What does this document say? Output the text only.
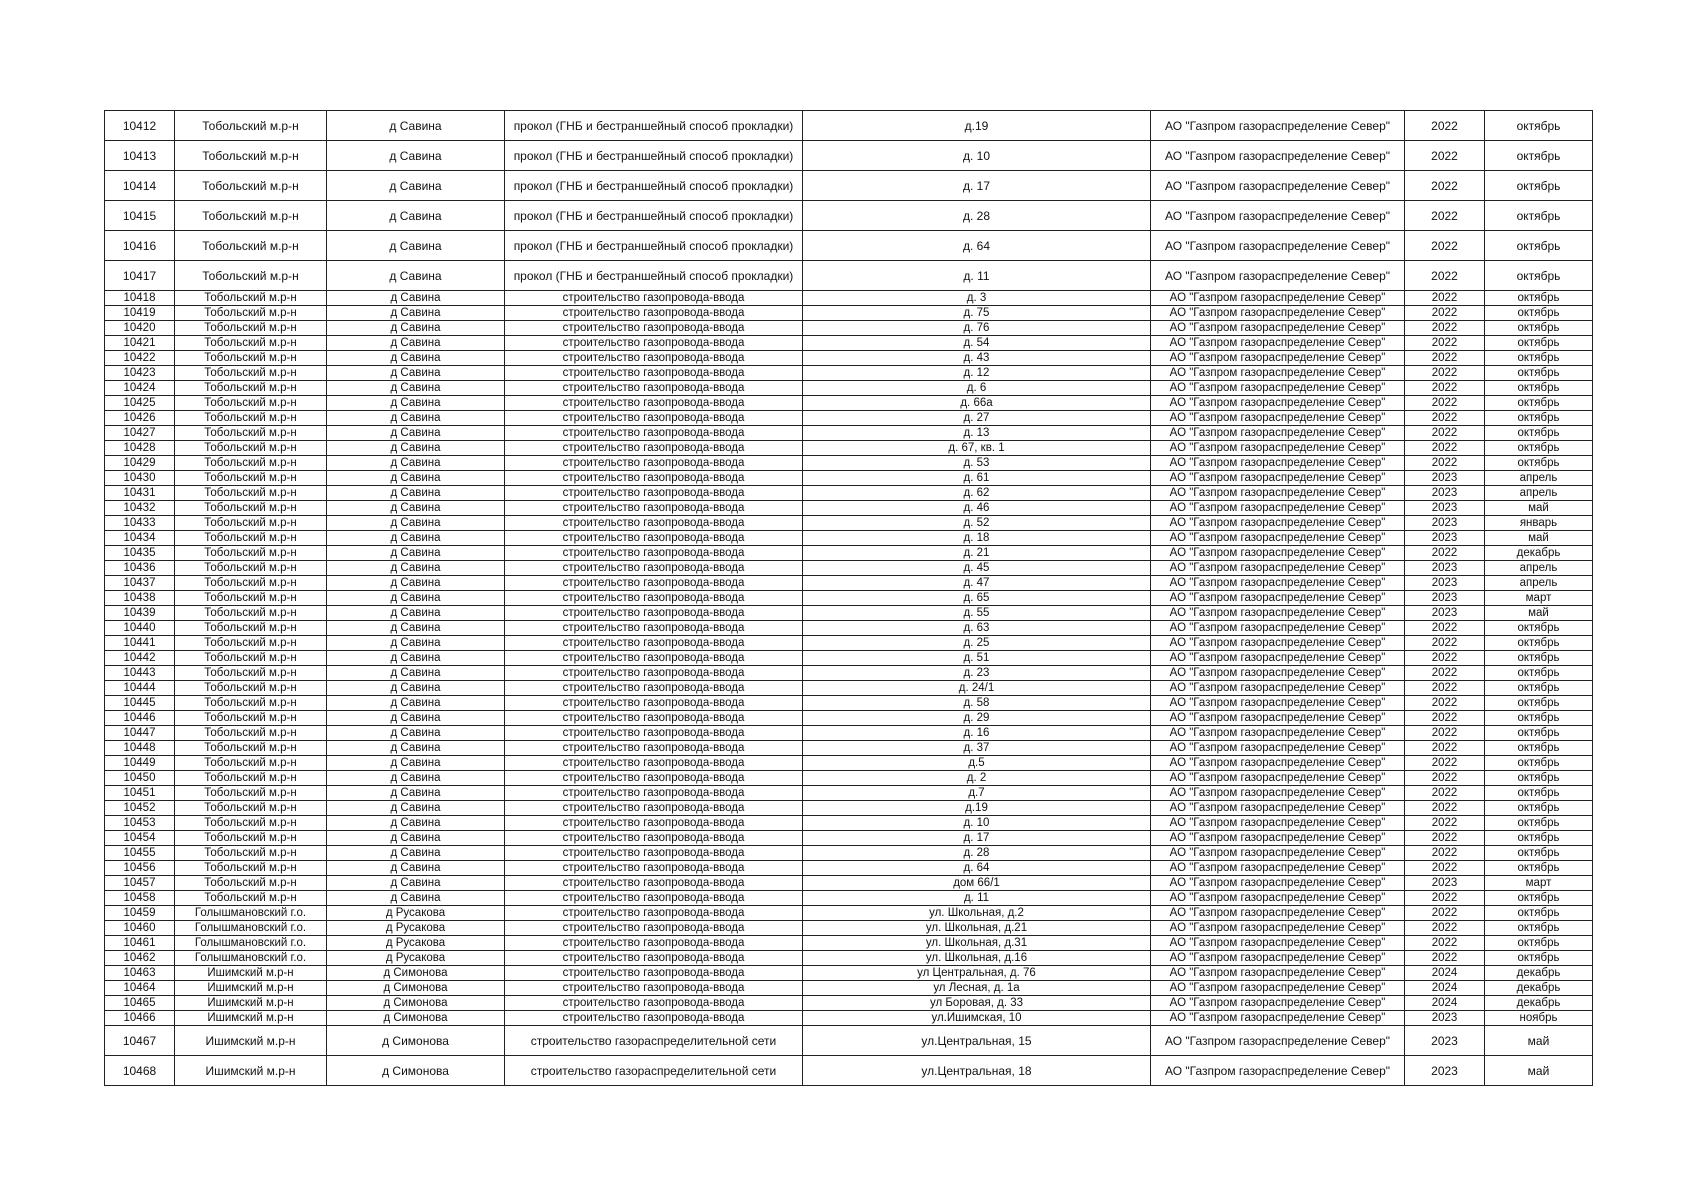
10412	Тобольский м.р-н	д Савина	прокол (ГНБ и бестраншейный способ прокладки)	д.19	АО "Газпром газораспределение Север"	2022	октябрь
10413	Тобольский м.р-н	д Савина	прокол (ГНБ и бестраншейный способ прокладки)	д. 10	АО "Газпром газораспределение Север"	2022	октябрь
10414	Тобольский м.р-н	д Савина	прокол (ГНБ и бестраншейный способ прокладки)	д. 17	АО "Газпром газораспределение Север"	2022	октябрь
10415	Тобольский м.р-н	д Савина	прокол (ГНБ и бестраншейный способ прокладки)	д. 28	АО "Газпром газораспределение Север"	2022	октябрь
10416	Тобольский м.р-н	д Савина	прокол (ГНБ и бестраншейный способ прокладки)	д. 64	АО "Газпром газораспределение Север"	2022	октябрь
10417	Тобольский м.р-н	д Савина	прокол (ГНБ и бестраншейный способ прокладки)	д. 11	АО "Газпром газораспределение Север"	2022	октябрь
10418	Тобольский м.р-н	д Савина	строительство газопровода-ввода	д. 3	АО "Газпром газораспределение Север"	2022	октябрь
10419	Тобольский м.р-н	д Савина	строительство газопровода-ввода	д. 75	АО "Газпром газораспределение Север"	2022	октябрь
10420	Тобольский м.р-н	д Савина	строительство газопровода-ввода	д. 76	АО "Газпром газораспределение Север"	2022	октябрь
10421	Тобольский м.р-н	д Савина	строительство газопровода-ввода	д. 54	АО "Газпром газораспределение Север"	2022	октябрь
10422	Тобольский м.р-н	д Савина	строительство газопровода-ввода	д. 43	АО "Газпром газораспределение Север"	2022	октябрь
10423	Тобольский м.р-н	д Савина	строительство газопровода-ввода	д. 12	АО "Газпром газораспределение Север"	2022	октябрь
10424	Тобольский м.р-н	д Савина	строительство газопровода-ввода	д. 6	АО "Газпром газораспределение Север"	2022	октябрь
10425	Тобольский м.р-н	д Савина	строительство газопровода-ввода	д. 66а	АО "Газпром газораспределение Север"	2022	октябрь
10426	Тобольский м.р-н	д Савина	строительство газопровода-ввода	д. 27	АО "Газпром газораспределение Север"	2022	октябрь
10427	Тобольский м.р-н	д Савина	строительство газопровода-ввода	д. 13	АО "Газпром газораспределение Север"	2022	октябрь
10428	Тобольский м.р-н	д Савина	строительство газопровода-ввода	д. 67, кв. 1	АО "Газпром газораспределение Север"	2022	октябрь
10429	Тобольский м.р-н	д Савина	строительство газопровода-ввода	д. 53	АО "Газпром газораспределение Север"	2022	октябрь
10430	Тобольский м.р-н	д Савина	строительство газопровода-ввода	д. 61	АО "Газпром газораспределение Север"	2023	апрель
10431	Тобольский м.р-н	д Савина	строительство газопровода-ввода	д. 62	АО "Газпром газораспределение Север"	2023	апрель
10432	Тобольский м.р-н	д Савина	строительство газопровода-ввода	д. 46	АО "Газпром газораспределение Север"	2023	май
10433	Тобольский м.р-н	д Савина	строительство газопровода-ввода	д. 52	АО "Газпром газораспределение Север"	2023	январь
10434	Тобольский м.р-н	д Савина	строительство газопровода-ввода	д. 18	АО "Газпром газораспределение Север"	2023	май
10435	Тобольский м.р-н	д Савина	строительство газопровода-ввода	д. 21	АО "Газпром газораспределение Север"	2022	декабрь
10436	Тобольский м.р-н	д Савина	строительство газопровода-ввода	д. 45	АО "Газпром газораспределение Север"	2023	апрель
10437	Тобольский м.р-н	д Савина	строительство газопровода-ввода	д. 47	АО "Газпром газораспределение Север"	2023	апрель
10438	Тобольский м.р-н	д Савина	строительство газопровода-ввода	д. 65	АО "Газпром газораспределение Север"	2023	март
10439	Тобольский м.р-н	д Савина	строительство газопровода-ввода	д. 55	АО "Газпром газораспределение Север"	2023	май
10440	Тобольский м.р-н	д Савина	строительство газопровода-ввода	д. 63	АО "Газпром газораспределение Север"	2022	октябрь
10441	Тобольский м.р-н	д Савина	строительство газопровода-ввода	д. 25	АО "Газпром газораспределение Север"	2022	октябрь
10442	Тобольский м.р-н	д Савина	строительство газопровода-ввода	д. 51	АО "Газпром газораспределение Север"	2022	октябрь
10443	Тобольский м.р-н	д Савина	строительство газопровода-ввода	д. 23	АО "Газпром газораспределение Север"	2022	октябрь
10444	Тобольский м.р-н	д Савина	строительство газопровода-ввода	д. 24/1	АО "Газпром газораспределение Север"	2022	октябрь
10445	Тобольский м.р-н	д Савина	строительство газопровода-ввода	д. 58	АО "Газпром газораспределение Север"	2022	октябрь
10446	Тобольский м.р-н	д Савина	строительство газопровода-ввода	д. 29	АО "Газпром газораспределение Север"	2022	октябрь
10447	Тобольский м.р-н	д Савина	строительство газопровода-ввода	д. 16	АО "Газпром газораспределение Север"	2022	октябрь
10448	Тобольский м.р-н	д Савина	строительство газопровода-ввода	д. 37	АО "Газпром газораспределение Север"	2022	октябрь
10449	Тобольский м.р-н	д Савина	строительство газопровода-ввода	д.5	АО "Газпром газораспределение Север"	2022	октябрь
10450	Тобольский м.р-н	д Савина	строительство газопровода-ввода	д. 2	АО "Газпром газораспределение Север"	2022	октябрь
10451	Тобольский м.р-н	д Савина	строительство газопровода-ввода	д.7	АО "Газпром газораспределение Север"	2022	октябрь
10452	Тобольский м.р-н	д Савина	строительство газопровода-ввода	д.19	АО "Газпром газораспределение Север"	2022	октябрь
10453	Тобольский м.р-н	д Савина	строительство газопровода-ввода	д. 10	АО "Газпром газораспределение Север"	2022	октябрь
10454	Тобольский м.р-н	д Савина	строительство газопровода-ввода	д. 17	АО "Газпром газораспределение Север"	2022	октябрь
10455	Тобольский м.р-н	д Савина	строительство газопровода-ввода	д. 28	АО "Газпром газораспределение Север"	2022	октябрь
10456	Тобольский м.р-н	д Савина	строительство газопровода-ввода	д. 64	АО "Газпром газораспределение Север"	2022	октябрь
10457	Тобольский м.р-н	д Савина	строительство газопровода-ввода	дом 66/1	АО "Газпром газораспределение Север"	2023	март
10458	Тобольский м.р-н	д Савина	строительство газопровода-ввода	д. 11	АО "Газпром газораспределение Север"	2022	октябрь
10459	Голышмановский г.о.	д Русакова	строительство газопровода-ввода	ул. Школьная, д.2	АО "Газпром газораспределение Север"	2022	октябрь
10460	Голышмановский г.о.	д Русакова	строительство газопровода-ввода	ул. Школьная, д.21	АО "Газпром газораспределение Север"	2022	октябрь
10461	Голышмановский г.о.	д Русакова	строительство газопровода-ввода	ул. Школьная, д.31	АО "Газпром газораспределение Север"	2022	октябрь
10462	Голышмановский г.о.	д Русакова	строительство газопровода-ввода	ул. Школьная, д.16	АО "Газпром газораспределение Север"	2022	октябрь
10463	Ишимский м.р-н	д Симонова	строительство газопровода-ввода	ул Центральная, д. 76	АО "Газпром газораспределение Север"	2024	декабрь
10464	Ишимский м.р-н	д Симонова	строительство газопровода-ввода	ул Лесная, д. 1а	АО "Газпром газораспределение Север"	2024	декабрь
10465	Ишимский м.р-н	д Симонова	строительство газопровода-ввода	ул Боровая, д. 33	АО "Газпром газораспределение Север"	2024	декабрь
10466	Ишимский м.р-н	д Симонова	строительство газопровода-ввода	ул.Ишимская, 10	АО "Газпром газораспределение Север"	2023	ноябрь
10467	Ишимский м.р-н	д Симонова	строительство газораспределительной сети	ул.Центральная, 15	АО "Газпром газораспределение Север"	2023	май
10468	Ишимский м.р-н	д Симонова	строительство газораспределительной сети	ул.Центральная, 18	АО "Газпром газораспределение Север"	2023	май
